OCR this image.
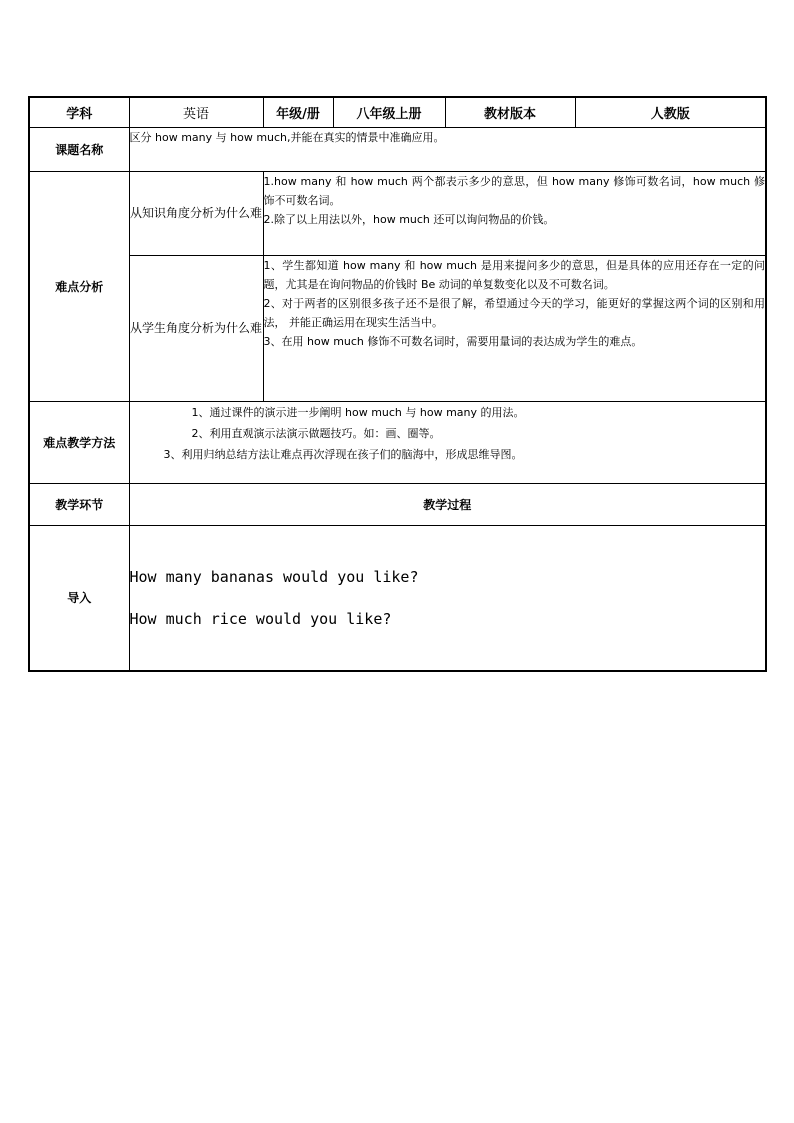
学科	英语	年级/册	八年级上册	教材版本	人教版
课题名称	区分 how many 与 how much,并能在真实的情景中准确应用。				

难点分析	从知识角度分析为什么难	1.how many 和 how much 两个都表示多少的意思，但 how many 修饰可数名词，how much 修饰不可数名词。

2.除了以上用法以外，how much 还可以询问物品的价钱。			

	从学生角度分析为什么难	1、学生都知道 how many 和 how much 是用来提问多少的意思，但是具体的应用还存在一定的问题，尤其是在询问物品的价钱时 Be 动词的单复数变化以及不可数名词。

2、对于两者的区别很多孩子还不是很了解，希望通过今天的学习，能更好的掌握这两个词的区别和用法， 并能正确运用在现实生活当中。

3、在用 how much 修饰不可数名词时，需要用量词的表达成为学生的难点。			

难点教学方法	1、通过课件的演示进一步阐明 how much 与 how many 的用法。

2、利用直观演示法演示做题技巧。如：画、圈等。

3、利用归纳总结方法让难点再次浮现在孩子们的脑海中，形成思维导图。				

教学环节	教学过程				
导入	How many bananas would you like?

How much rice would you like?				
